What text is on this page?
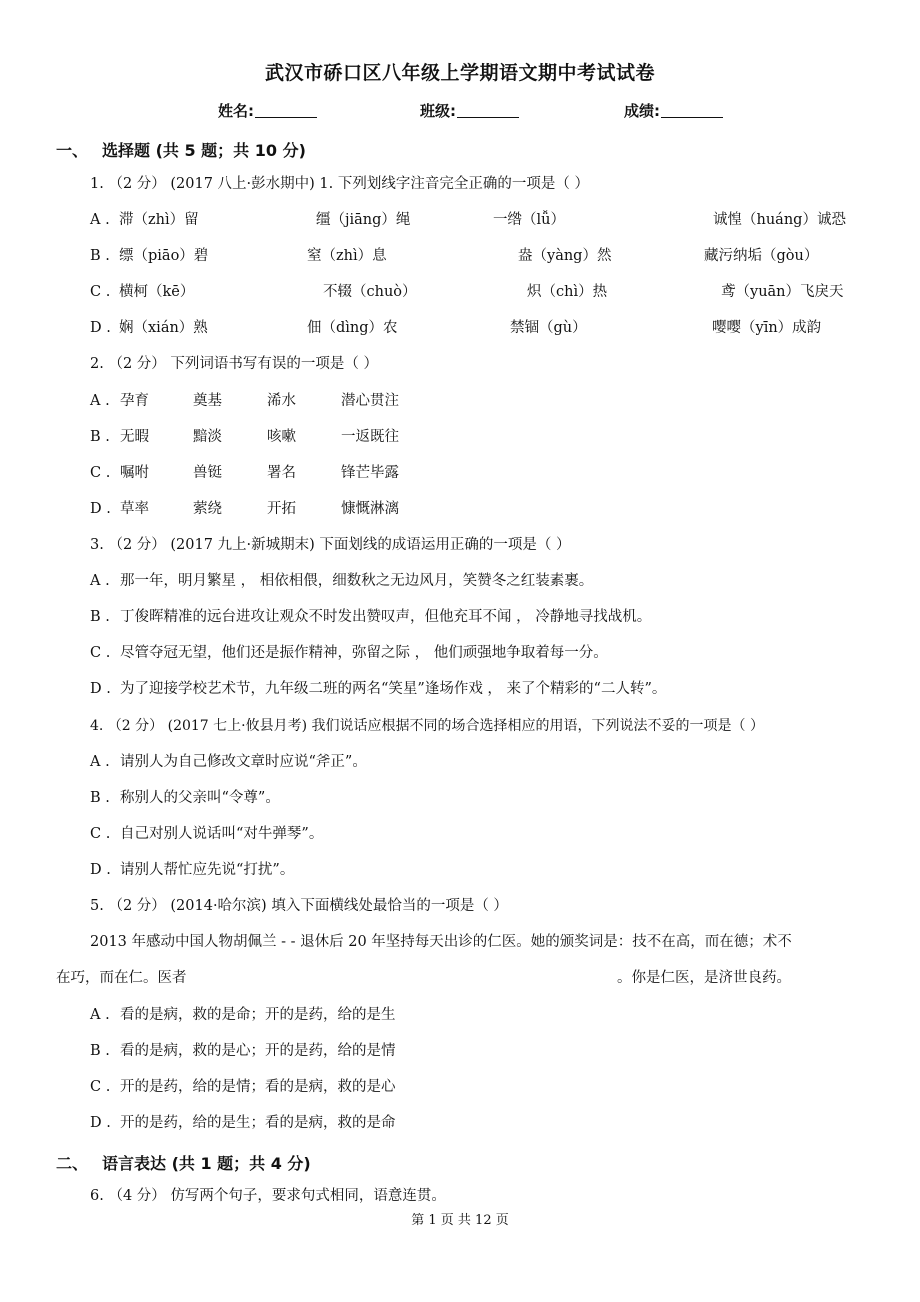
武汉市硚口区八年级上学期语文期中考试试卷
姓名:	班级:	成绩:
一、 选择题 (共 5 题；共 10 分)
1. （2 分） (2017 八上·彭水期中) 1. 下列划线字注音完全正确的一项是（ ）
A . 滞（zhì）留	缰（jiāng）绳	一绺（lǚ）	诚惶（huáng）诚恐
B . 缥（piāo）碧	窒（zhì）息	盎（yàng）然	藏污纳垢（gòu）
C . 横柯（kē）	不辍（chuò）	炽（chì）热	鸢（yuān）飞戾天
D . 娴（xián）熟	佃（dìng）农	禁锢（gù）	嘤嘤（yīn）成韵
2. （2 分） 下列词语书写有误的一项是（ ）
A . 孕育	奠基	浠水	潜心贯注
B . 无暇	黯淡	咳嗽	一返既往
C . 嘱咐	兽铤	署名	锋芒毕露
D . 草率	萦绕	开拓	慷慨淋漓
3. （2 分） (2017 九上·新城期末) 下面划线的成语运用正确的一项是（ ）
A . 那一年，明月繁星 ， 相依相偎，细数秋之无边风月，笑赞冬之红装素裹。
B . 丁俊晖精准的远台进攻让观众不时发出赞叹声，但他充耳不闻 ， 冷静地寻找战机。
C . 尽管夺冠无望，他们还是振作精神，弥留之际 ， 他们顽强地争取着每一分。
D . 为了迎接学校艺术节，九年级二班的两名“笑星”逢场作戏 ， 来了个精彩的“二人转”。
4. （2 分） (2017 七上·攸县月考) 我们说话应根据不同的场合选择相应的用语，下列说法不妥的一项是（ ）
A . 请别人为自己修改文章时应说“斧正”。
B . 称别人的父亲叫“令尊”。
C . 自己对别人说话叫“对牛弹琴”。
D . 请别人帮忙应先说“打扰”。
5. （2 分） (2014·哈尔滨) 填入下面横线处最恰当的一项是（ ）
2013 年感动中国人物胡佩兰 - - 退休后 20 年坚持每天出诊的仁医。她的颁奖词是：技不在高，而在德；术不
在巧，而在仁。医者	。你是仁医，是济世良药。
A . 看的是病，救的是命；开的是药，给的是生
B . 看的是病，救的是心；开的是药，给的是情
C . 开的是药，给的是情；看的是病，救的是心
D . 开的是药，给的是生；看的是病，救的是命
二、 语言表达 (共 1 题；共 4 分)
6. （4 分） 仿写两个句子，要求句式相同，语意连贯。
第 1 页 共 12 页
